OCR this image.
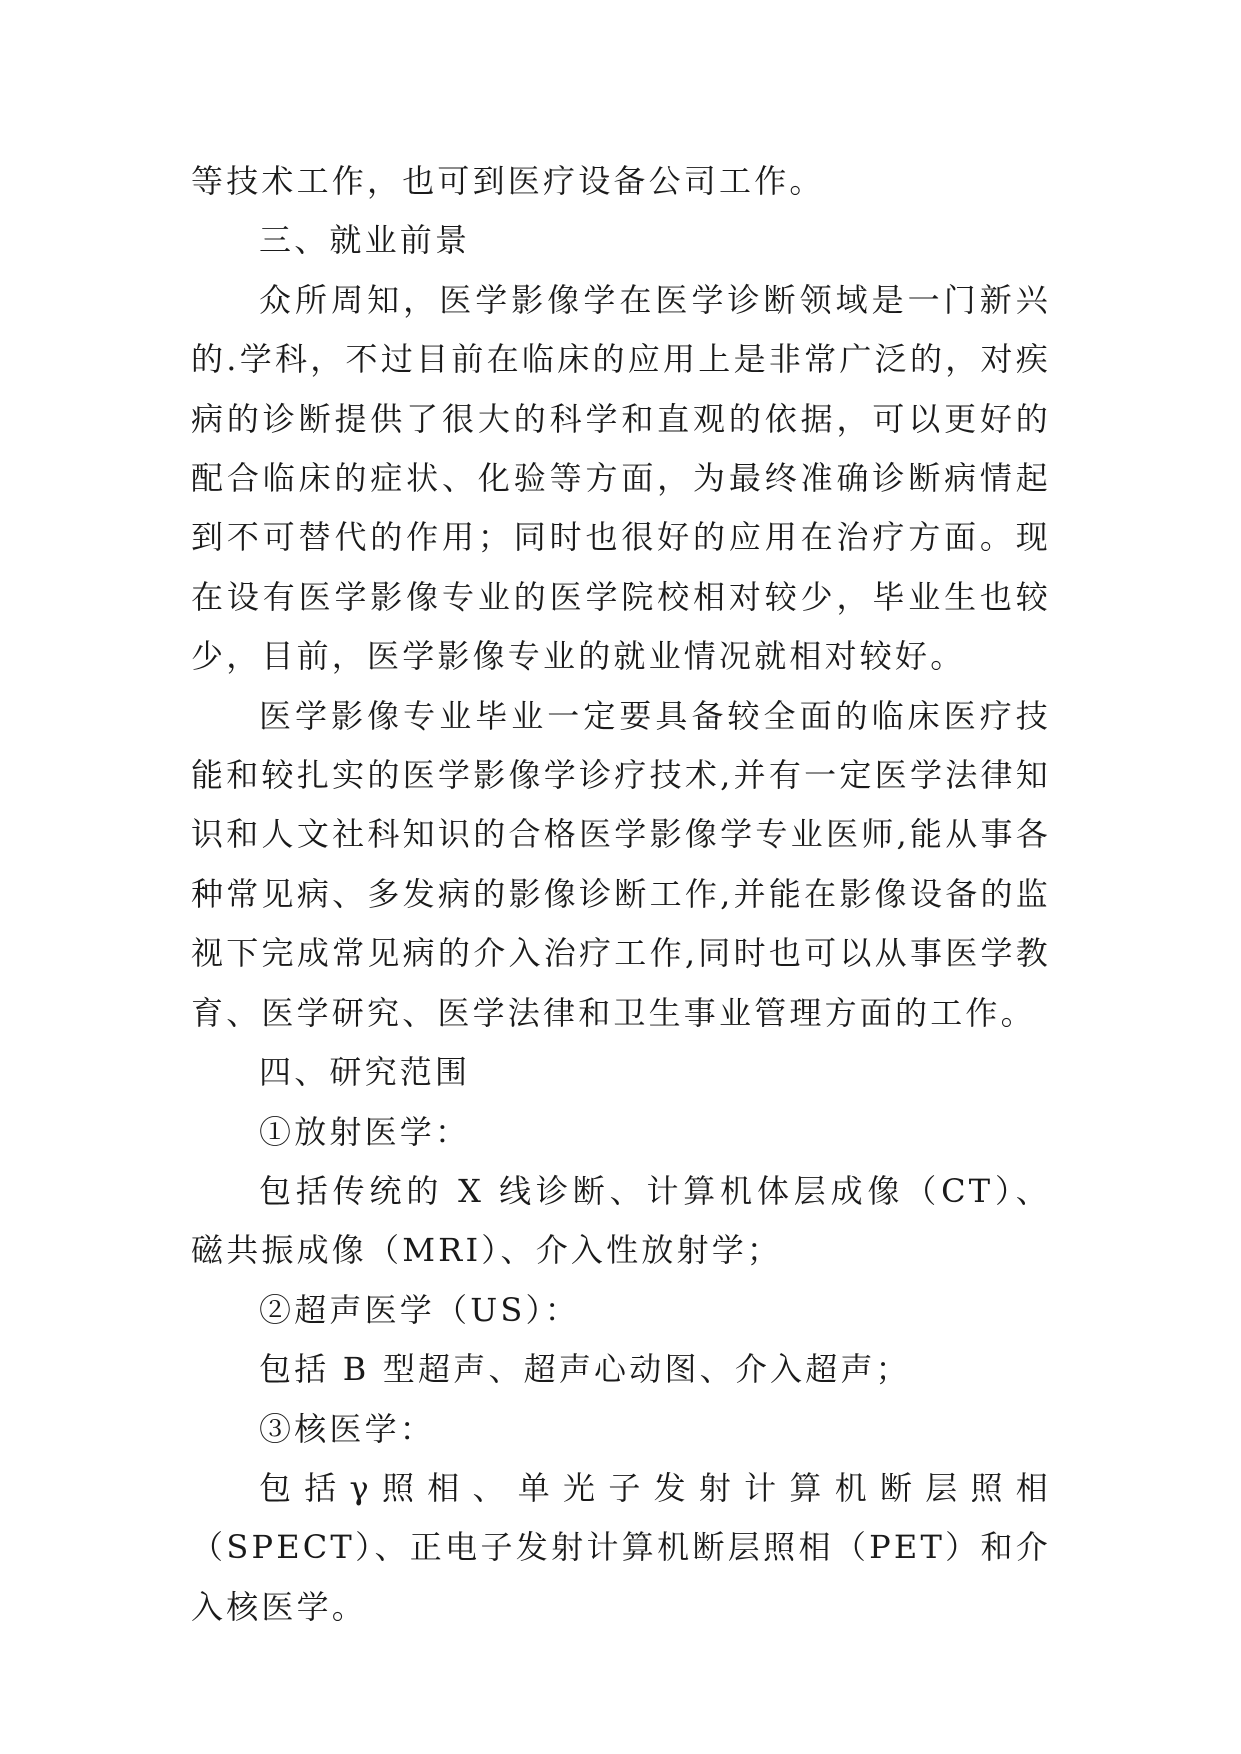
等技术工作，也可到医疗设备公司工作。

三、就业前景

众所周知，医学影像学在医学诊断领域是一门新兴的.学科，不过目前在临床的应用上是非常广泛的，对疾病的诊断提供了很大的科学和直观的依据，可以更好的配合临床的症状、化验等方面，为最终准确诊断病情起到不可替代的作用；同时也很好的应用在治疗方面。现在设有医学影像专业的医学院校相对较少，毕业生也较少，目前，医学影像专业的就业情况就相对较好。

医学影像专业毕业一定要具备较全面的临床医疗技能和较扎实的医学影像学诊疗技术,并有一定医学法律知识和人文社科知识的合格医学影像学专业医师,能从事各种常见病、多发病的影像诊断工作,并能在影像设备的监视下完成常见病的介入治疗工作,同时也可以从事医学教育、医学研究、医学法律和卫生事业管理方面的工作。

四、研究范围

①放射医学：

包括传统的 X 线诊断、计算机体层成像（CT）、磁共振成像（MRI）、介入性放射学；

②超声医学（US）：

包括 B 型超声、超声心动图、介入超声；

③核医学：

包括γ照相、单光子发射计算机断层照相（SPECT）、正电子发射计算机断层照相（PET）和介入核医学。
